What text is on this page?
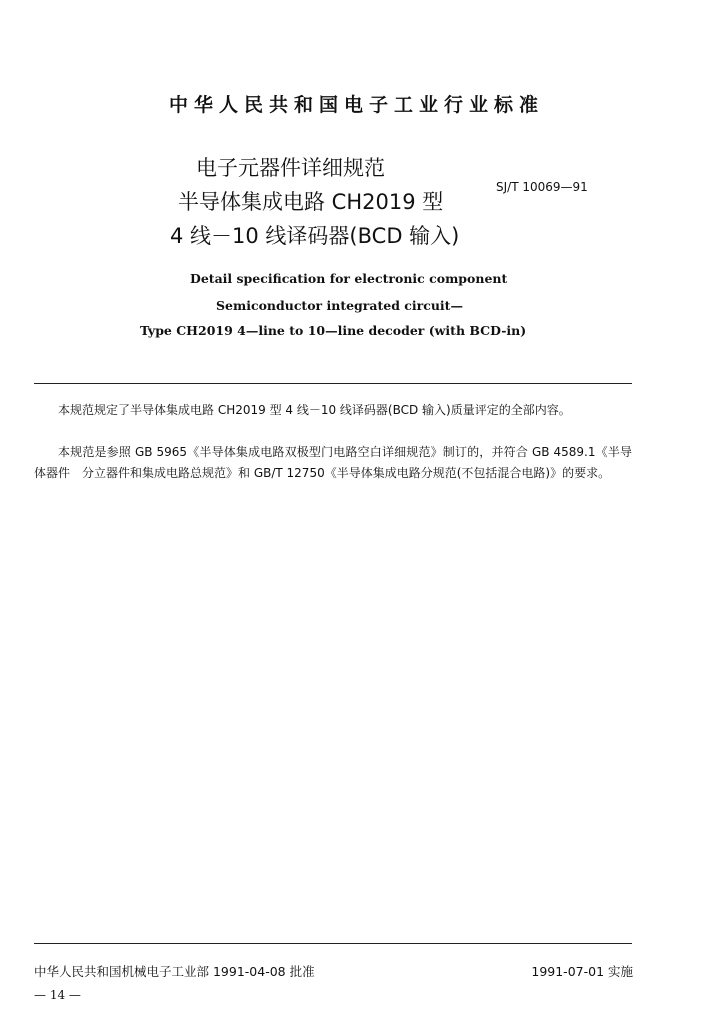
中华人民共和国电子工业行业标准
电子元器件详细规范
半导体集成电路 CH2019 型
4 线－10 线译码器(BCD 输入)
SJ/T 10069—91
Detail specification for electronic component
Semiconductor integrated circuit—
Type CH2019 4—line to 10—line decoder (with BCD-in)
本规范规定了半导体集成电路 CH2019 型 4 线－10 线译码器(BCD 输入)质量评定的全部内容。
本规范是参照 GB 5965《半导体集成电路双极型门电路空白详细规范》制订的，并符合 GB 4589.1《半导体器件　分立器件和集成电路总规范》和 GB/T 12750《半导体集成电路分规范(不包括混合电路)》的要求。
中华人民共和国机械电子工业部 1991-04-08 批准	1991-07-01 实施
— 14 —
